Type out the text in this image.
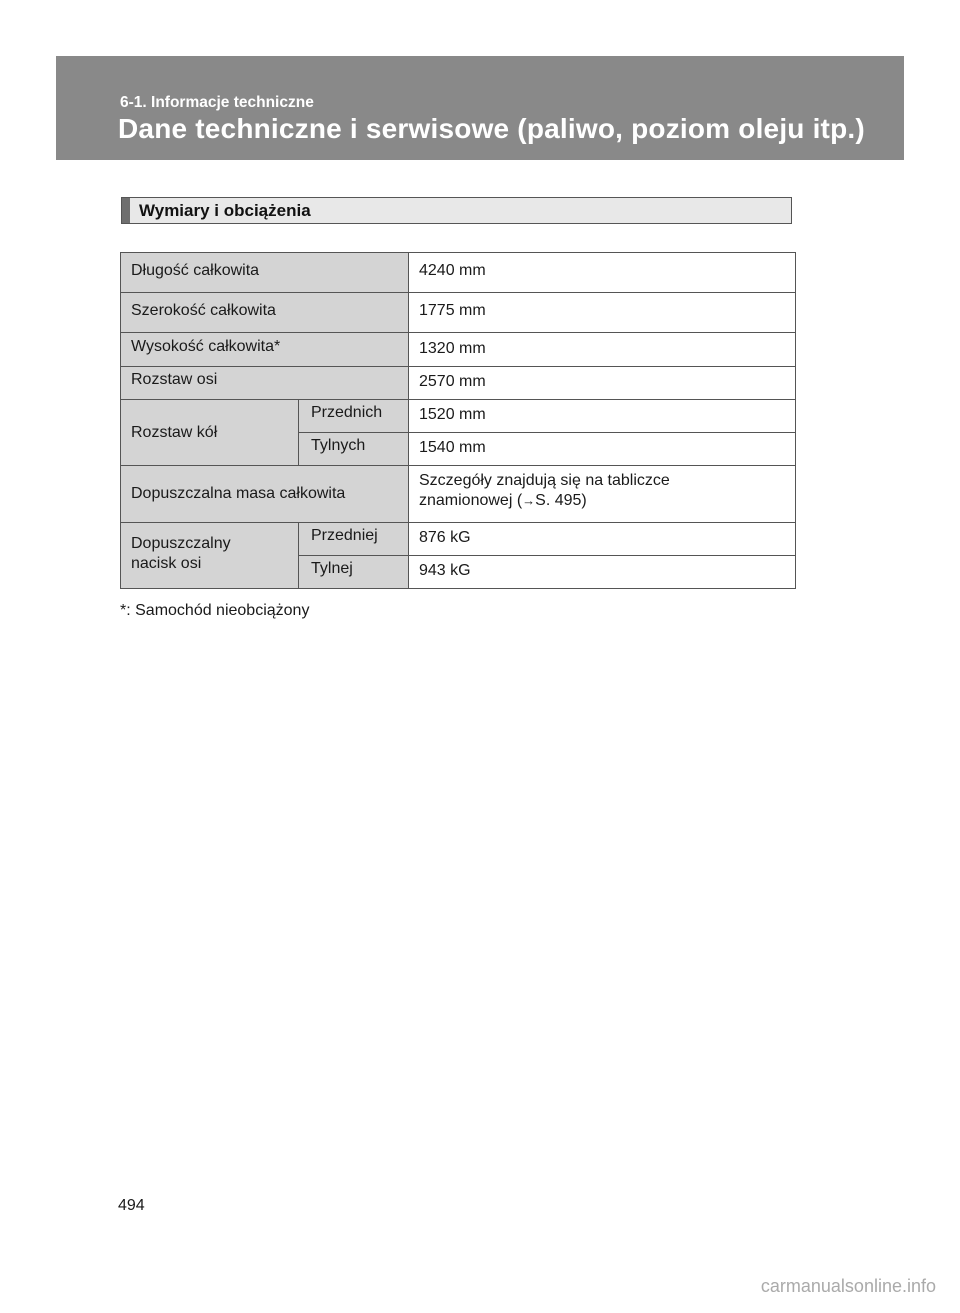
6-1. Informacje techniczne
Dane techniczne i serwisowe (paliwo, poziom oleju itp.)
Wymiary i obciążenia
Długość całkowita		4240 mm

Szerokość całkowita		1775 mm

Wysokość całkowita*		1320 mm

Rozstaw osi		2570 mm

Rozstaw kół	Przednich	1520 mm

	Tylnych	1540 mm

Dopuszczalna masa całkowita		Szczegóły znajdują się na tabliczce
znamionowej (→S. 495)

Dopuszczalny
nacisk osi	Przedniej	876 kG

	Tylnej	943 kG
*: Samochód nieobciążony
494
carmanualsonline.info
